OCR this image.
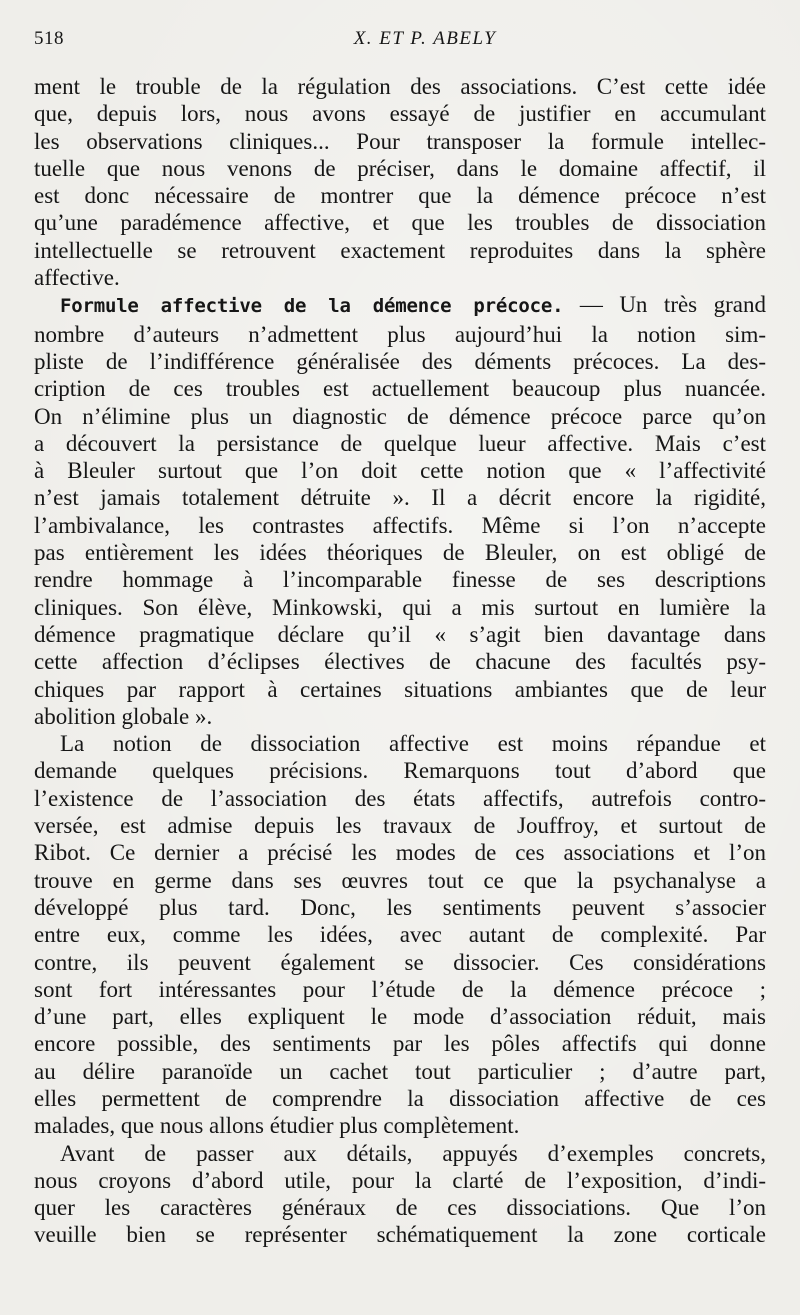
518	X. ET P. ABELY
ment le trouble de la régulation des associations. C’est cette idée
que, depuis lors, nous avons essayé de justifier en accumulant
les observations cliniques... Pour transposer la formule intellec-
tuelle que nous venons de préciser, dans le domaine affectif, il
est donc nécessaire de montrer que la démence précoce n’est
qu’une paradémence affective, et que les troubles de dissociation
intellectuelle se retrouvent exactement reproduites dans la sphère
affective.
Formule affective de la démence précoce. — Un très grand
nombre d’auteurs n’admettent plus aujourd’hui la notion sim-
pliste de l’indifférence généralisée des déments précoces. La des-
cription de ces troubles est actuellement beaucoup plus nuancée.
On n’élimine plus un diagnostic de démence précoce parce qu’on
a découvert la persistance de quelque lueur affective. Mais c’est
à Bleuler surtout que l’on doit cette notion que « l’affectivité
n’est jamais totalement détruite ». Il a décrit encore la rigidité,
l’ambivalance, les contrastes affectifs. Même si l’on n’accepte
pas entièrement les idées théoriques de Bleuler, on est obligé de
rendre hommage à l’incomparable finesse de ses descriptions
cliniques. Son élève, Minkowski, qui a mis surtout en lumière la
démence pragmatique déclare qu’il « s’agit bien davantage dans
cette affection d’éclipses électives de chacune des facultés psy-
chiques par rapport à certaines situations ambiantes que de leur
abolition globale ».
La notion de dissociation affective est moins répandue et
demande quelques précisions. Remarquons tout d’abord que
l’existence de l’association des états affectifs, autrefois contro-
versée, est admise depuis les travaux de Jouffroy, et surtout de
Ribot. Ce dernier a précisé les modes de ces associations et l’on
trouve en germe dans ses œuvres tout ce que la psychanalyse a
développé plus tard. Donc, les sentiments peuvent s’associer
entre eux, comme les idées, avec autant de complexité. Par
contre, ils peuvent également se dissocier. Ces considérations
sont fort intéressantes pour l’étude de la démence précoce ;
d’une part, elles expliquent le mode d’association réduit, mais
encore possible, des sentiments par les pôles affectifs qui donne
au délire paranoïde un cachet tout particulier ; d’autre part,
elles permettent de comprendre la dissociation affective de ces
malades, que nous allons étudier plus complètement.
Avant de passer aux détails, appuyés d’exemples concrets,
nous croyons d’abord utile, pour la clarté de l’exposition, d’indi-
quer les caractères généraux de ces dissociations. Que l’on
veuille bien se représenter schématiquement la zone corticale
